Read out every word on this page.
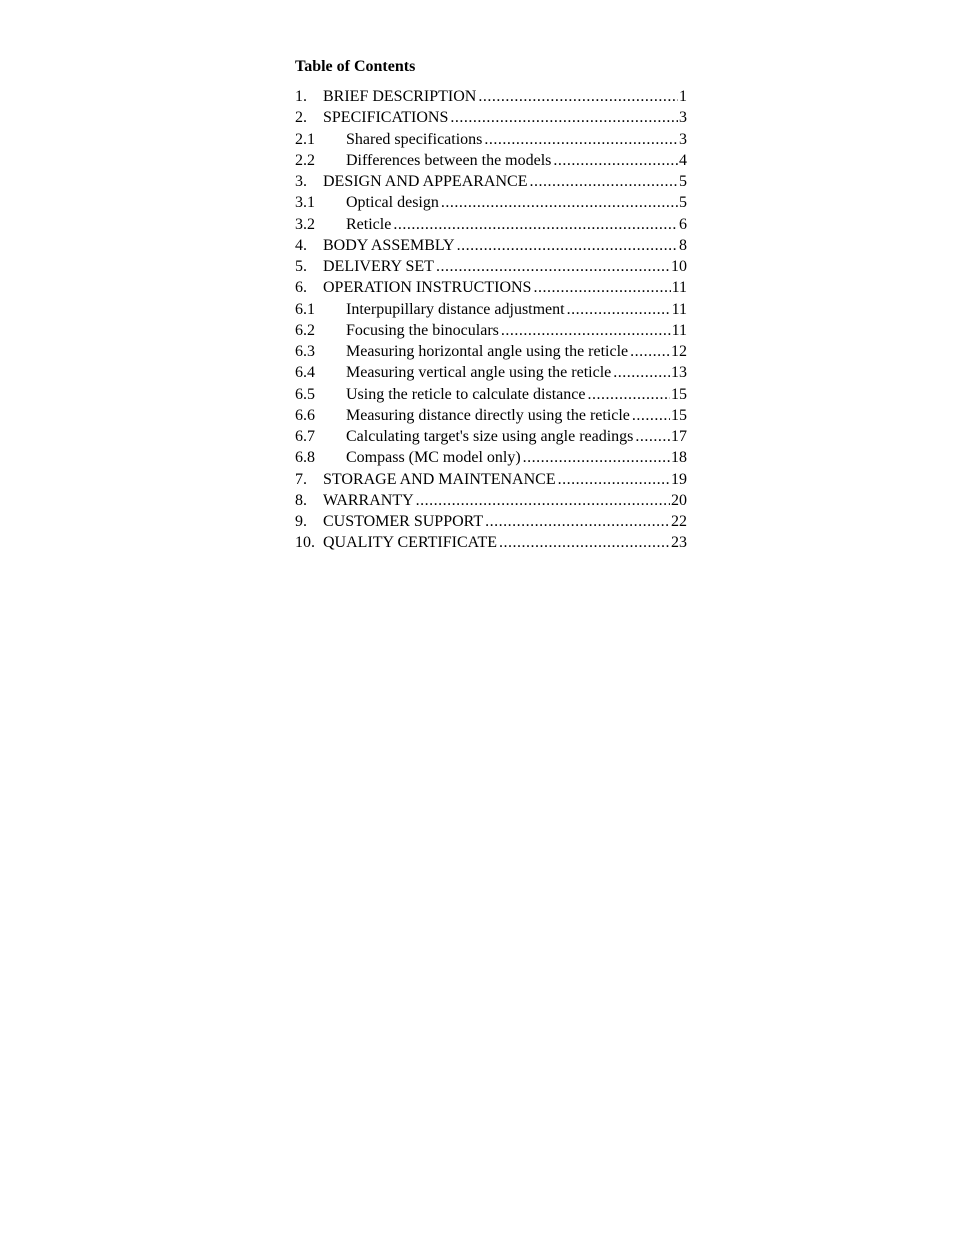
Table of Contents
1.	BRIEF DESCRIPTION .....	1
2.	SPECIFICATIONS .....	3
2.1	Shared specifications .....	3
2.2	Differences between the models .....	4
3.	DESIGN AND APPEARANCE .....	5
3.1	Optical design .....	5
3.2	Reticle .....	6
4.	BODY ASSEMBLY .....	8
5.	DELIVERY SET .....	10
6.	OPERATION INSTRUCTIONS .....	11
6.1	Interpupillary distance adjustment .....	11
6.2	Focusing the binoculars .....	11
6.3	Measuring horizontal angle using the reticle .....	12
6.4	Measuring vertical angle using the reticle .....	13
6.5	Using the reticle to calculate distance .....	15
6.6	Measuring distance directly using the reticle .....	15
6.7	Calculating target's size using angle readings ..... 17
6.8	Compass (MC model only) .....	18
7.	STORAGE AND MAINTENANCE .....	19
8.	WARRANTY .....	20
9.	CUSTOMER SUPPORT .....	22
10. QUALITY CERTIFICATE .....	23
